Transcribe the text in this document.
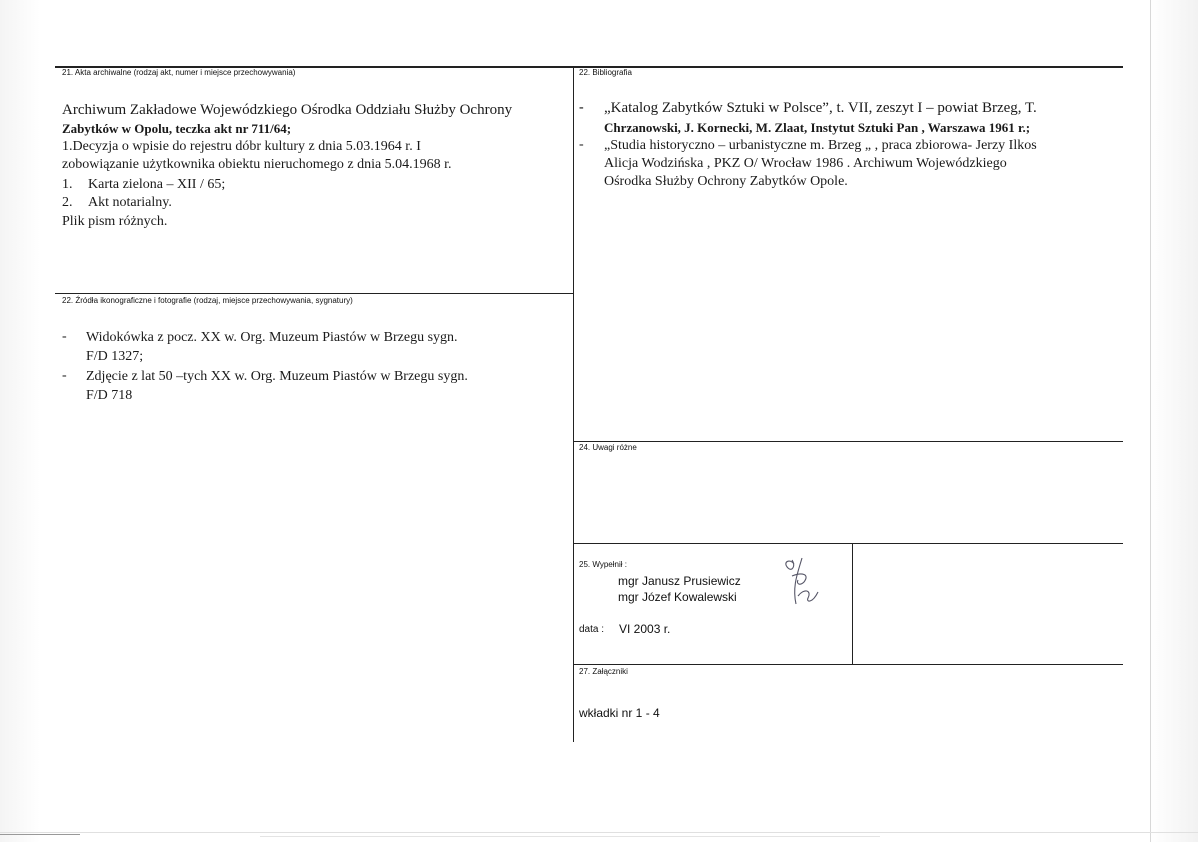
21. Akta archiwalne (rodzaj akt, numer i miejsce przechowywania)
Archiwum Zakładowe Wojewódzkiego Ośrodka Oddziału Służby Ochrony
Zabytków w Opolu, teczka akt nr 711/64;
1.Decyzja o wpisie do rejestru dóbr kultury z dnia 5.03.1964 r. I
zobowiązanie użytkownika obiektu nieruchomego z dnia 5.04.1968 r.
1. Karta zielona – XII / 65;
2. Akt notarialny.
Plik pism różnych.
22. Bibliografia
- „Katalog Zabytków Sztuki w Polsce”, t. VII, zeszyt I – powiat Brzeg, T.
Chrzanowski, J. Kornecki, M. Zlaat, Instytut Sztuki Pan , Warszawa 1961 r.;
- „Studia historyczno – urbanistyczne m. Brzeg „ , praca zbiorowa- Jerzy Ilkos
Alicja Wodzińska , PKZ O/ Wrocław 1986 . Archiwum Wojewódzkiego
Ośrodka Służby Ochrony Zabytków Opole.
22. Źródła ikonograficzne i fotografie (rodzaj, miejsce przechowywania, sygnatury)
- Widokówka z pocz. XX w. Org. Muzeum Piastów w Brzegu sygn.
F/D 1327;
- Zdjęcie z lat 50 –tych XX w. Org. Muzeum Piastów w Brzegu sygn.
F/D 718
24. Uwagi różne
25. Wypełnił :
mgr Janusz Prusiewicz
mgr Józef Kowalewski
data : VI 2003 r.
27. Załączniki
wkładki nr 1 - 4
